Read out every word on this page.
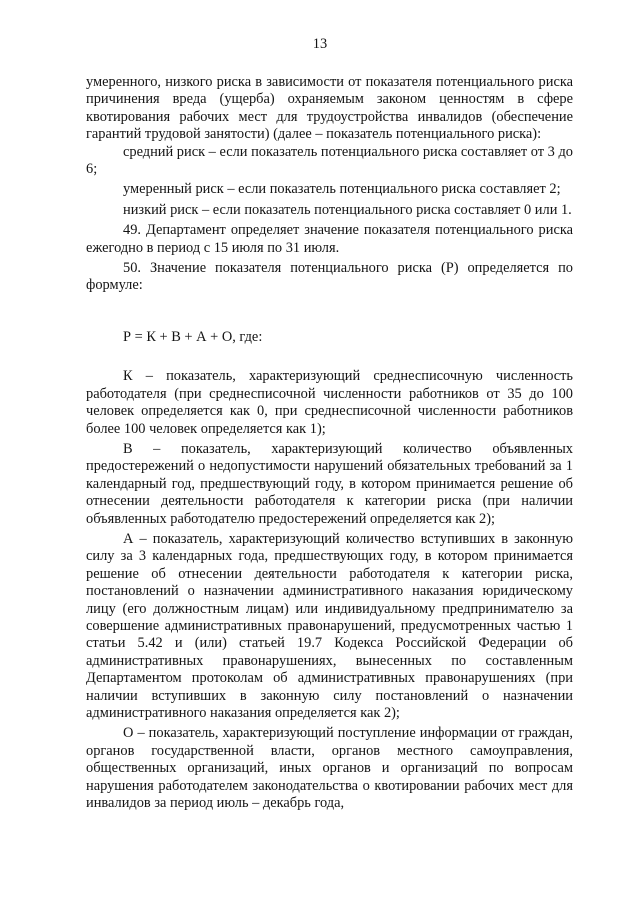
13

умеренного, низкого риска в зависимости от показателя потенциального риска причинения вреда (ущерба) охраняемым законом ценностям в сфере квотирования рабочих мест для трудоустройства инвалидов (обеспечение гарантий трудовой занятости) (далее – показатель потенциального риска):

средний риск – если показатель потенциального риска составляет от 3 до 6;

умеренный риск – если показатель потенциального риска составляет 2;

низкий риск – если показатель потенциального риска составляет 0 или 1.

49. Департамент определяет значение показателя потенциального риска ежегодно в период с 15 июля по 31 июля.

50. Значение показателя потенциального риска (Р) определяется по формуле:

Р = К + В + А + О, где:

К – показатель, характеризующий среднесписочную численность работодателя (при среднесписочной численности работников от 35 до 100 человек определяется как 0, при среднесписочной численности работников более 100 человек определяется как 1);

В – показатель, характеризующий количество объявленных предостережений о недопустимости нарушений обязательных требований за 1 календарный год, предшествующий году, в котором принимается решение об отнесении деятельности работодателя к категории риска (при наличии объявленных работодателю предостережений определяется как 2);

А – показатель, характеризующий количество вступивших в законную силу за 3 календарных года, предшествующих году, в котором принимается решение об отнесении деятельности работодателя к категории риска, постановлений о назначении административного наказания юридическому лицу (его должностным лицам) или индивидуальному предпринимателю за совершение административных правонарушений, предусмотренных частью 1 статьи 5.42 и (или) статьей 19.7 Кодекса Российской Федерации об административных правонарушениях, вынесенных по составленным Департаментом протоколам об административных правонарушениях (при наличии вступивших в законную силу постановлений о назначении административного наказания определяется как 2);

О – показатель, характеризующий поступление информации от граждан, органов государственной власти, органов местного самоуправления, общественных организаций, иных органов и организаций по вопросам нарушения работодателем законодательства о квотировании рабочих мест для инвалидов за период июль – декабрь года,
